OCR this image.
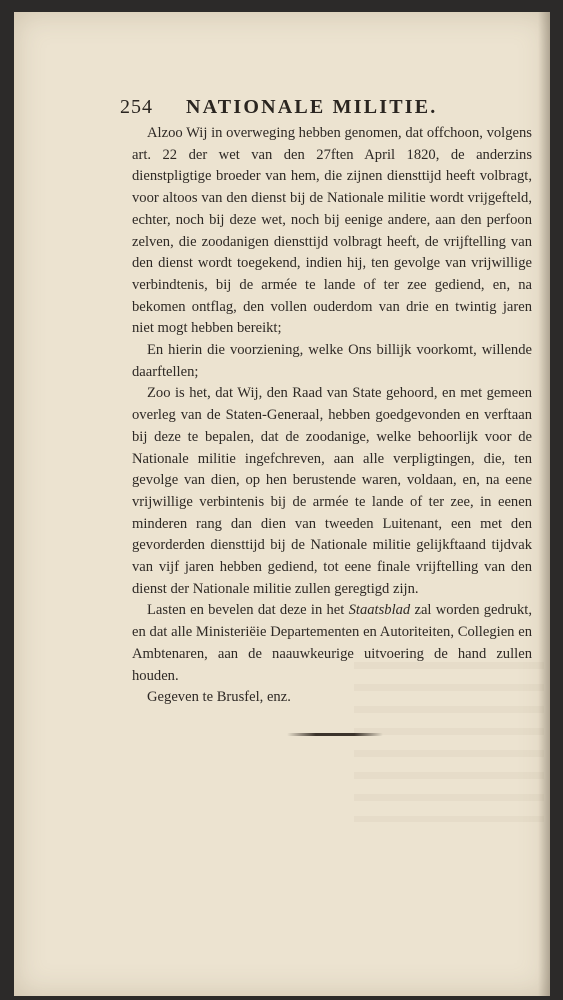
254 NATIONALE MILITIE.

Alzoo Wij in overweging hebben genomen, dat offchoon, volgens art. 22 der wet van den 27ften April 1820, de anderzins dienstpligtige broeder van hem, die zijnen diensttijd heeft volbragt, voor altoos van den dienst bij de Nationale militie wordt vrijgefteld, echter, noch bij deze wet, noch bij eenige andere, aan den perfoon zelven, die zoodanigen diensttijd volbragt heeft, de vrijftelling van den dienst wordt toegekend, indien hij, ten gevolge van vrijwillige verbindtenis, bij de armée te lande of ter zee gediend, en, na bekomen ontflag, den vollen ouderdom van drie en twintig jaren niet mogt hebben bereikt;

En hierin die voorziening, welke Ons billijk voorkomt, willende daarftellen;

Zoo is het, dat Wij, den Raad van State gehoord, en met gemeen overleg van de Staten-Generaal, hebben goedgevonden en verftaan bij deze te bepalen, dat de zoodanige, welke behoorlijk voor de Nationale militie ingefchreven, aan alle verpligtingen, die, ten gevolge van dien, op hen berustende waren, voldaan, en, na eene vrijwillige verbintenis bij de armée te lande of ter zee, in eenen minderen rang dan dien van tweeden Luitenant, een met den gevorderden diensttijd bij de Nationale militie gelijkftaand tijdvak van vijf jaren hebben gediend, tot eene finale vrijftelling van den dienst der Nationale militie zullen geregtigd zijn.

Lasten en bevelen dat deze in het Staatsblad zal worden gedrukt, en dat alle Ministeriëie Departementen en Autoriteiten, Collegien en Ambtenaren, aan de naauwkeurige uitvoering de hand zullen houden.

Gegeven te Brusfel, enz.
